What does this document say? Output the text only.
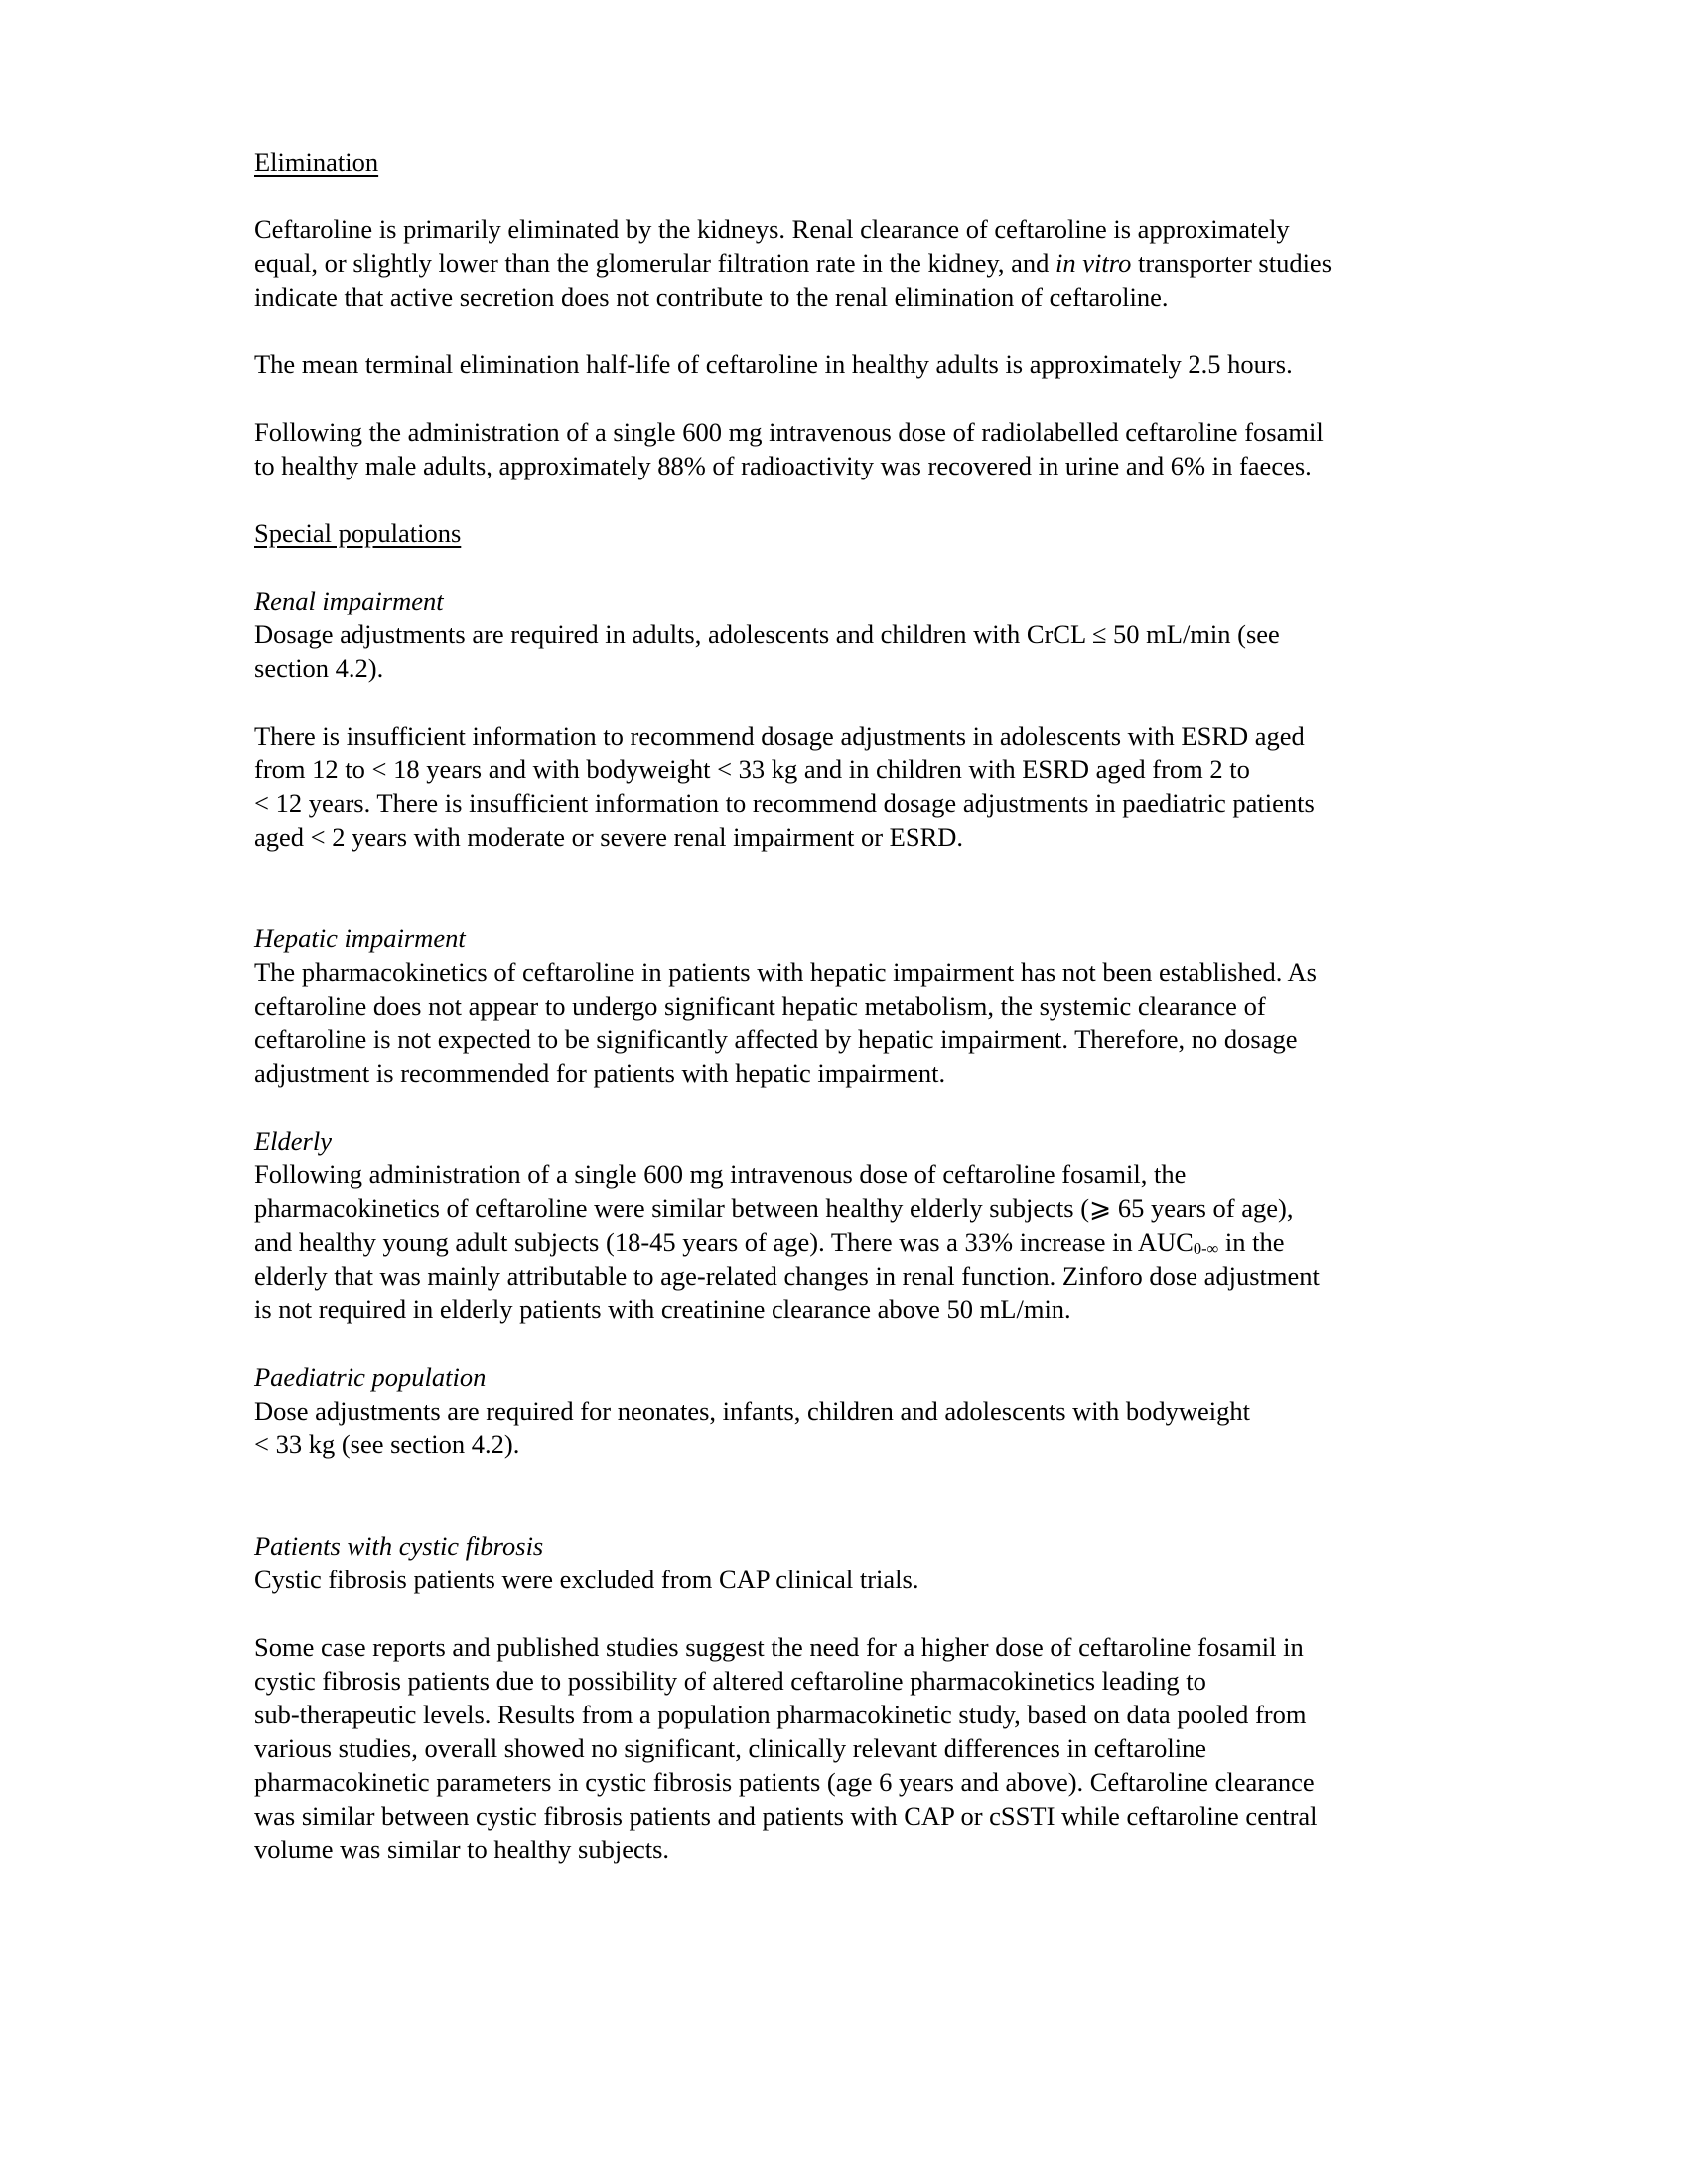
Elimination
Ceftaroline is primarily eliminated by the kidneys. Renal clearance of ceftaroline is approximately
equal, or slightly lower than the glomerular filtration rate in the kidney, and in vitro transporter studies
indicate that active secretion does not contribute to the renal elimination of ceftaroline.
The mean terminal elimination half-life of ceftaroline in healthy adults is approximately 2.5 hours.
Following the administration of a single 600 mg intravenous dose of radiolabelled ceftaroline fosamil
to healthy male adults, approximately 88% of radioactivity was recovered in urine and 6% in faeces.
Special populations
Renal impairment
Dosage adjustments are required in adults, adolescents and children with CrCL ≤ 50 mL/min (see
section 4.2).
There is insufficient information to recommend dosage adjustments in adolescents with ESRD aged
from 12 to < 18 years and with bodyweight < 33 kg and in children with ESRD aged from 2 to
< 12 years. There is insufficient information to recommend dosage adjustments in paediatric patients
aged < 2 years with moderate or severe renal impairment or ESRD.
Hepatic impairment
The pharmacokinetics of ceftaroline in patients with hepatic impairment has not been established. As
ceftaroline does not appear to undergo significant hepatic metabolism, the systemic clearance of
ceftaroline is not expected to be significantly affected by hepatic impairment. Therefore, no dosage
adjustment is recommended for patients with hepatic impairment.
Elderly
Following administration of a single 600 mg intravenous dose of ceftaroline fosamil, the
pharmacokinetics of ceftaroline were similar between healthy elderly subjects (⩾ 65 years of age),
and healthy young adult subjects (18-45 years of age). There was a 33% increase in $AUC_{0-\infty}$ in the
elderly that was mainly attributable to age-related changes in renal function. Zinforo dose adjustment
is not required in elderly patients with creatinine clearance above 50 mL/min.
Paediatric population
Dose adjustments are required for neonates, infants, children and adolescents with bodyweight
< 33 kg (see section 4.2).
Patients with cystic fibrosis
Cystic fibrosis patients were excluded from CAP clinical trials.
Some case reports and published studies suggest the need for a higher dose of ceftaroline fosamil in
cystic fibrosis patients due to possibility of altered ceftaroline pharmacokinetics leading to
sub-therapeutic levels. Results from a population pharmacokinetic study, based on data pooled from
various studies, overall showed no significant, clinically relevant differences in ceftaroline
pharmacokinetic parameters in cystic fibrosis patients (age 6 years and above). Ceftaroline clearance
was similar between cystic fibrosis patients and patients with CAP or cSSTI while ceftaroline central
volume was similar to healthy subjects.
